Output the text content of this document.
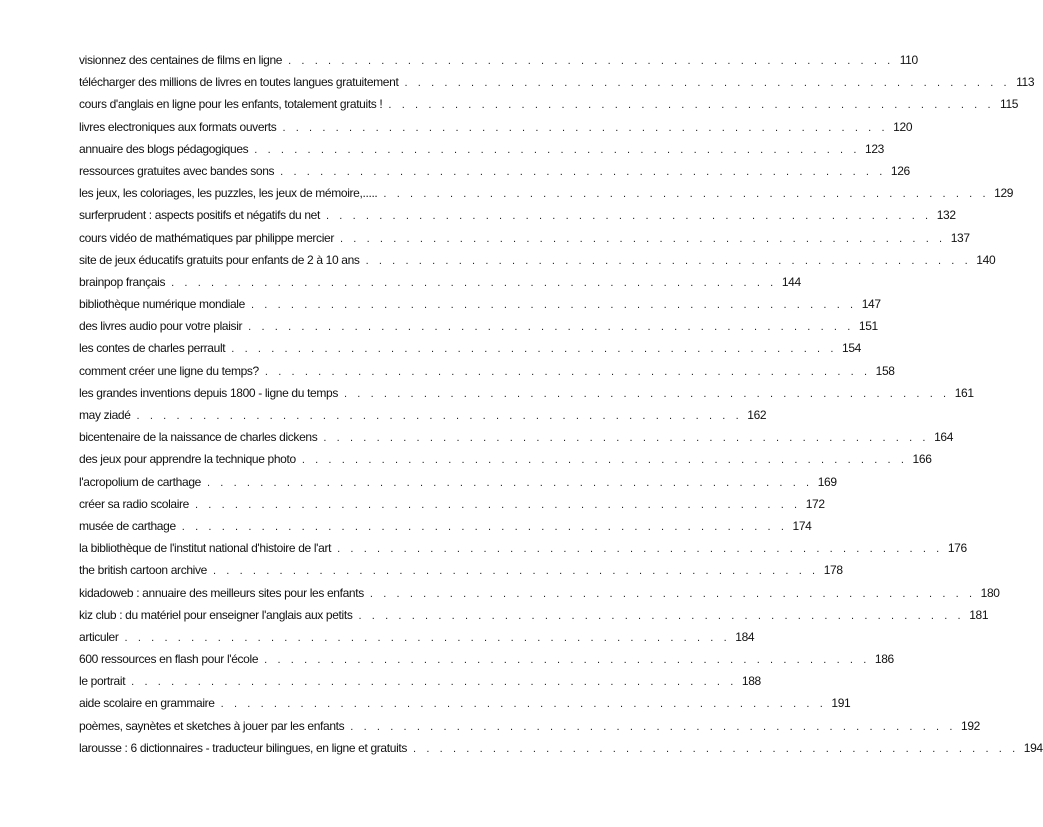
visionnez des centaines de films en ligne . . . . . . . . . . . . . . . . . . . . . . . . . . . . . . . . . . . . . . . . . . . . . . 110
télécharger des millions de livres en toutes langues gratuitement . . . . . . . . . . . . . . . . . . . . . . . . . . . . . . . . . . . . . . . . . . . . . . 113
cours d'anglais en ligne pour les enfants, totalement gratuits ! . . . . . . . . . . . . . . . . . . . . . . . . . . . . . . . . . . . . . . . . . . . . . . 115
livres electroniques aux formats ouverts . . . . . . . . . . . . . . . . . . . . . . . . . . . . . . . . . . . . . . . . . . . . . . 120
annuaire des blogs pédagogiques . . . . . . . . . . . . . . . . . . . . . . . . . . . . . . . . . . . . . . . . . . . . . . 123
ressources gratuites avec bandes sons . . . . . . . . . . . . . . . . . . . . . . . . . . . . . . . . . . . . . . . . . . . . . . 126
les jeux, les coloriages, les puzzles, les jeux de mémoire,..... . . . . . . . . . . . . . . . . . . . . . . . . . . . . . . . . . . . . . . . . . . . . . . 129
surferprudent : aspects positifs et négatifs du net . . . . . . . . . . . . . . . . . . . . . . . . . . . . . . . . . . . . . . . . . . . . . . 132
cours vidéo de mathématiques par philippe mercier . . . . . . . . . . . . . . . . . . . . . . . . . . . . . . . . . . . . . . . . . . . . . . 137
site de jeux éducatifs gratuits pour enfants de 2 à 10 ans . . . . . . . . . . . . . . . . . . . . . . . . . . . . . . . . . . . . . . . . . . . . . . 140
brainpop français . . . . . . . . . . . . . . . . . . . . . . . . . . . . . . . . . . . . . . . . . . . . . . 144
bibliothèque numérique mondiale . . . . . . . . . . . . . . . . . . . . . . . . . . . . . . . . . . . . . . . . . . . . . . 147
des livres audio pour votre plaisir . . . . . . . . . . . . . . . . . . . . . . . . . . . . . . . . . . . . . . . . . . . . . . 151
les contes de charles perrault . . . . . . . . . . . . . . . . . . . . . . . . . . . . . . . . . . . . . . . . . . . . . . 154
comment créer une ligne du temps? . . . . . . . . . . . . . . . . . . . . . . . . . . . . . . . . . . . . . . . . . . . . . . 158
les grandes inventions depuis 1800 - ligne du temps . . . . . . . . . . . . . . . . . . . . . . . . . . . . . . . . . . . . . . . . . . . . . . 161
may ziadé . . . . . . . . . . . . . . . . . . . . . . . . . . . . . . . . . . . . . . . . . . . . . . 162
bicentenaire de la naissance de charles dickens . . . . . . . . . . . . . . . . . . . . . . . . . . . . . . . . . . . . . . . . . . . . . . 164
des jeux pour apprendre la technique photo . . . . . . . . . . . . . . . . . . . . . . . . . . . . . . . . . . . . . . . . . . . . . . 166
l'acropolium de carthage . . . . . . . . . . . . . . . . . . . . . . . . . . . . . . . . . . . . . . . . . . . . . . 169
créer sa radio scolaire . . . . . . . . . . . . . . . . . . . . . . . . . . . . . . . . . . . . . . . . . . . . . . 172
musée de carthage . . . . . . . . . . . . . . . . . . . . . . . . . . . . . . . . . . . . . . . . . . . . . . 174
la bibliothèque de l'institut national d'histoire de l'art . . . . . . . . . . . . . . . . . . . . . . . . . . . . . . . . . . . . . . . . . . . . . . 176
the british cartoon archive . . . . . . . . . . . . . . . . . . . . . . . . . . . . . . . . . . . . . . . . . . . . . . 178
kidadoweb : annuaire des meilleurs sites pour les enfants . . . . . . . . . . . . . . . . . . . . . . . . . . . . . . . . . . . . . . . . . . . . . . 180
kiz club : du matériel pour enseigner l'anglais aux petits . . . . . . . . . . . . . . . . . . . . . . . . . . . . . . . . . . . . . . . . . . . . . . 181
articuler . . . . . . . . . . . . . . . . . . . . . . . . . . . . . . . . . . . . . . . . . . . . . . 184
600 ressources en flash pour l'école . . . . . . . . . . . . . . . . . . . . . . . . . . . . . . . . . . . . . . . . . . . . . . 186
le portrait . . . . . . . . . . . . . . . . . . . . . . . . . . . . . . . . . . . . . . . . . . . . . . 188
aide scolaire en grammaire . . . . . . . . . . . . . . . . . . . . . . . . . . . . . . . . . . . . . . . . . . . . . . 191
poèmes, saynètes et sketches à jouer par les enfants . . . . . . . . . . . . . . . . . . . . . . . . . . . . . . . . . . . . . . . . . . . . . . 192
larousse : 6 dictionnaires - traducteur bilingues, en ligne et gratuits . . . . . . . . . . . . . . . . . . . . . . . . . . . . . . . . . . . . . . . . . . . . . . 194
